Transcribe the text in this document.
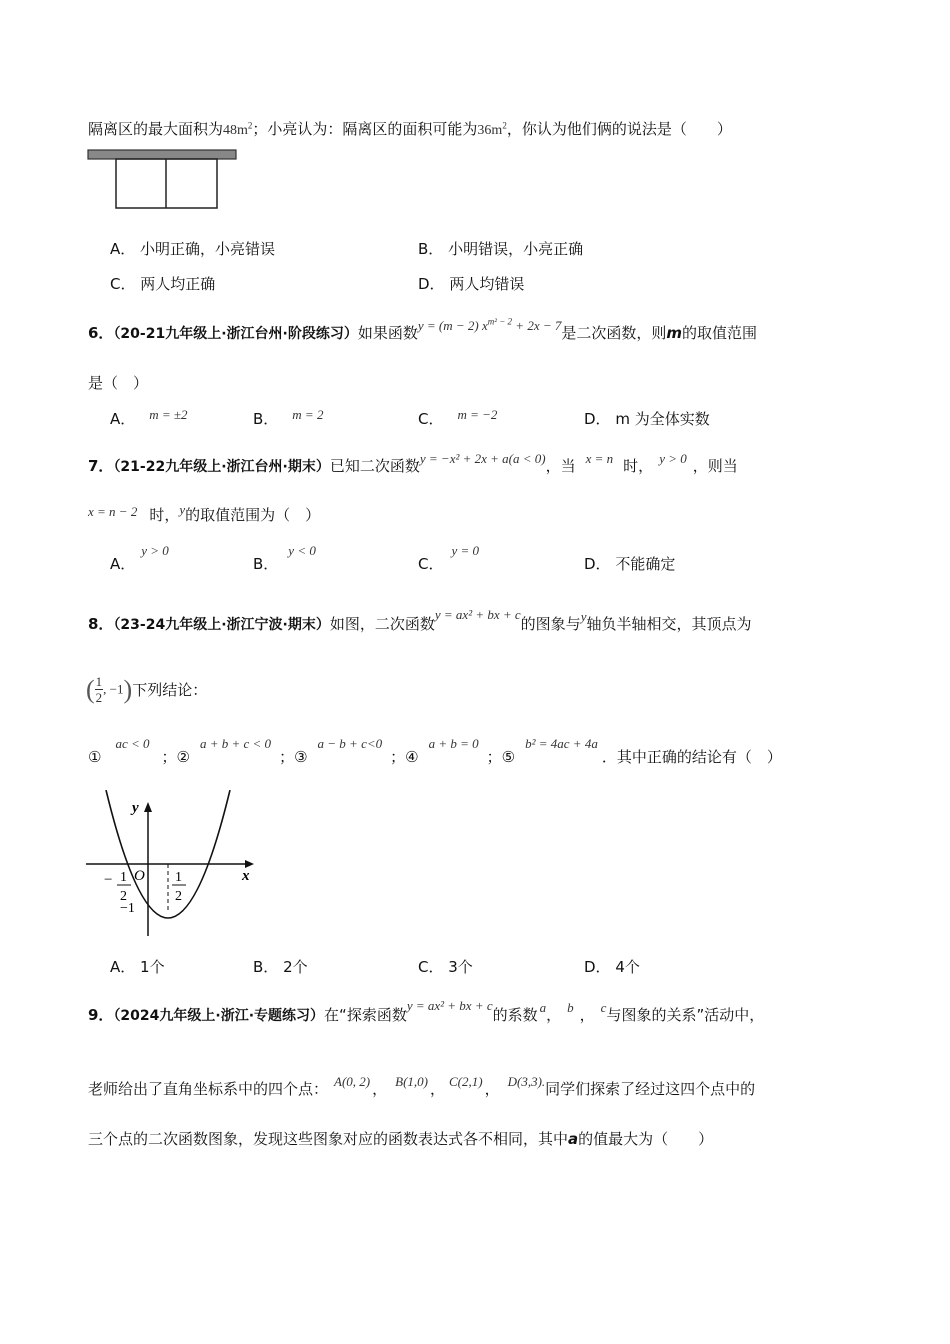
隔离区的最大面积为$48m^2$；小亮认为：隔离区的面积可能为$36m^2$，你认为他们俩的说法是（　　）
A． 小明正确，小亮错误	B． 小明错误，小亮正确
C． 两人均正确	D． 两人均错误
6．（20-21九年级上·浙江台州·阶段练习）如果函数y = (m − 2) $x^{m^2 - 2} + 2x - 7$是二次函数，则m的取值范围
是（　）
A． m = ±2	B． m = 2	C． m = −2	D． m 为全体实数
7．（21-22九年级上·浙江台州·期末）已知二次函数y = −x² + 2x + a(a < 0)，当 x = n 时， y > 0 ，则当
x = n − 2 时，y的取值范围为（　）
A．y > 0
B．y < 0
C．y = 0
D． 不能确定
8．（23-24九年级上·浙江宁波·期末）如图，二次函数y = ax² + bx + c的图象与y轴负半轴相交，其顶点为
( $\frac{1}{2}$ , −1)下列结论：
①ac < 0；②a + b + c < 0；③a − b + c<0；④a + b = 0；⑤b² = 4ac + 4a．其中正确的结论有（　）
y
x
O
− 1
2
−1
1
2
A． 1个	B． 2个	C． 3个	D． 4个
9．（2024九年级上·浙江·专题练习）在“探索函数y = ax² + bx + c的系数 a， b ， c与图象的关系”活动中，
老师给出了直角坐标系中的四个点： A(0, 2) ， B(1,0) ， C(2,1) ， D(3,3).同学们探索了经过这四个点中的
三个点的二次函数图象，发现这些图象对应的函数表达式各不相同，其中a的值最大为（　　）
